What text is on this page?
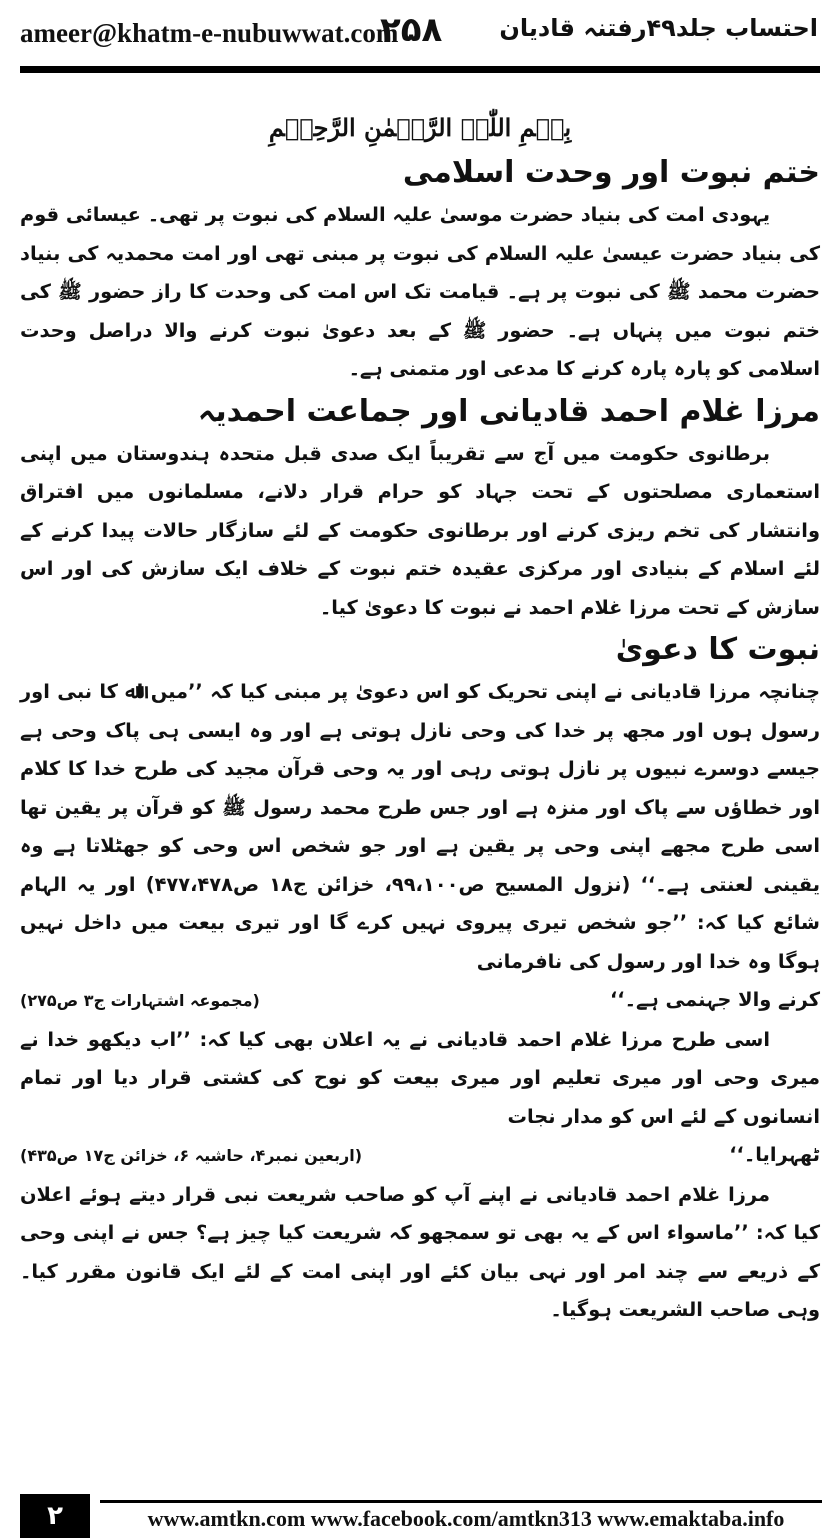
ameer@khatm-e-nubuwwat.com
۲۵۸ احتساب جلد۴۹رفتنہ قادیان
بِسۡمِ اللّٰہِ الرَّحۡمٰنِ الرَّحِیۡمِ
ختم نبوت اور وحدت اسلامی

یہودی امت کی بنیاد حضرت موسیٰ علیہ السلام کی نبوت پر تھی۔ عیسائی قوم کی بنیاد حضرت عیسیٰ علیہ السلام کی نبوت پر مبنی تھی اور امت محمدیہ کی بنیاد حضرت محمد ﷺ کی نبوت پر ہے۔ قیامت تک اس امت کی وحدت کا راز حضور ﷺ کی ختم نبوت میں پنہاں ہے۔ حضور ﷺ کے بعد دعویٰ نبوت کرنے والا دراصل وحدت اسلامی کو پارہ پارہ کرنے کا مدعی اور متمنی ہے۔

مرزا غلام احمد قادیانی اور جماعت احمدیہ

برطانوی حکومت میں آج سے تقریباً ایک صدی قبل متحدہ ہندوستان میں اپنی استعماری مصلحتوں کے تحت جہاد کو حرام قرار دلانے، مسلمانوں میں افتراق وانتشار کی تخم ریزی کرنے اور برطانوی حکومت کے لئے سازگار حالات پیدا کرنے کے لئے اسلام کے بنیادی اور مرکزی عقیدہ ختم نبوت کے خلاف ایک سازش کی اور اس سازش کے تحت مرزا غلام احمد نے نبوت کا دعویٰ کیا۔

نبوت کا دعویٰ

چنانچہ مرزا قادیانی نے اپنی تحریک کو اس دعویٰ پر مبنی کیا کہ ’’میں اﷲ کا نبی اور رسول ہوں اور مجھ پر خدا کی وحی نازل ہوتی ہے اور وہ ایسی ہی پاک وحی ہے جیسے دوسرے نبیوں پر نازل ہوتی رہی اور یہ وحی قرآن مجید کی طرح خدا کا کلام اور خطاؤں سے پاک اور منزہ ہے اور جس طرح محمد رسول ﷺ کو قرآن پر یقین تھا اسی طرح مجھے اپنی وحی پر یقین ہے اور جو شخص اس وحی کو جھٹلاتا ہے وہ یقینی لعنتی ہے۔‘‘ (نزول المسیح ص۹۹،۱۰۰، خزائن ج۱۸ ص۴۷۷،۴۷۸) اور یہ الہام شائع کیا کہ: ’’جو شخص تیری پیروی نہیں کرے گا اور تیری بیعت میں داخل نہیں ہوگا وہ خدا اور رسول کی نافرمانی

کرنے والا جہنمی ہے۔‘‘
(مجموعہ اشتہارات ج۳ ص۲۷۵)

اسی طرح مرزا غلام احمد قادیانی نے یہ اعلان بھی کیا کہ: ’’اب دیکھو خدا نے میری وحی اور میری تعلیم اور میری بیعت کو نوح کی کشتی قرار دیا اور تمام انسانوں کے لئے اس کو مدار نجات

ٹھہرایا۔‘‘
(اربعین نمبر۴، حاشیہ ۶، خزائن ج۱۷ ص۴۳۵)

مرزا غلام احمد قادیانی نے اپنے آپ کو صاحب شریعت نبی قرار دیتے ہوئے اعلان کیا کہ: ’’ماسواء اس کے یہ بھی تو سمجھو کہ شریعت کیا چیز ہے؟ جس نے اپنی وحی کے ذریعے سے چند امر اور نہی بیان کئے اور اپنی امت کے لئے ایک قانون مقرر کیا۔ وہی صاحب الشریعت ہوگیا۔

۲	www.amtkn.com www.facebook.com/amtkn313 www.emaktaba.info
